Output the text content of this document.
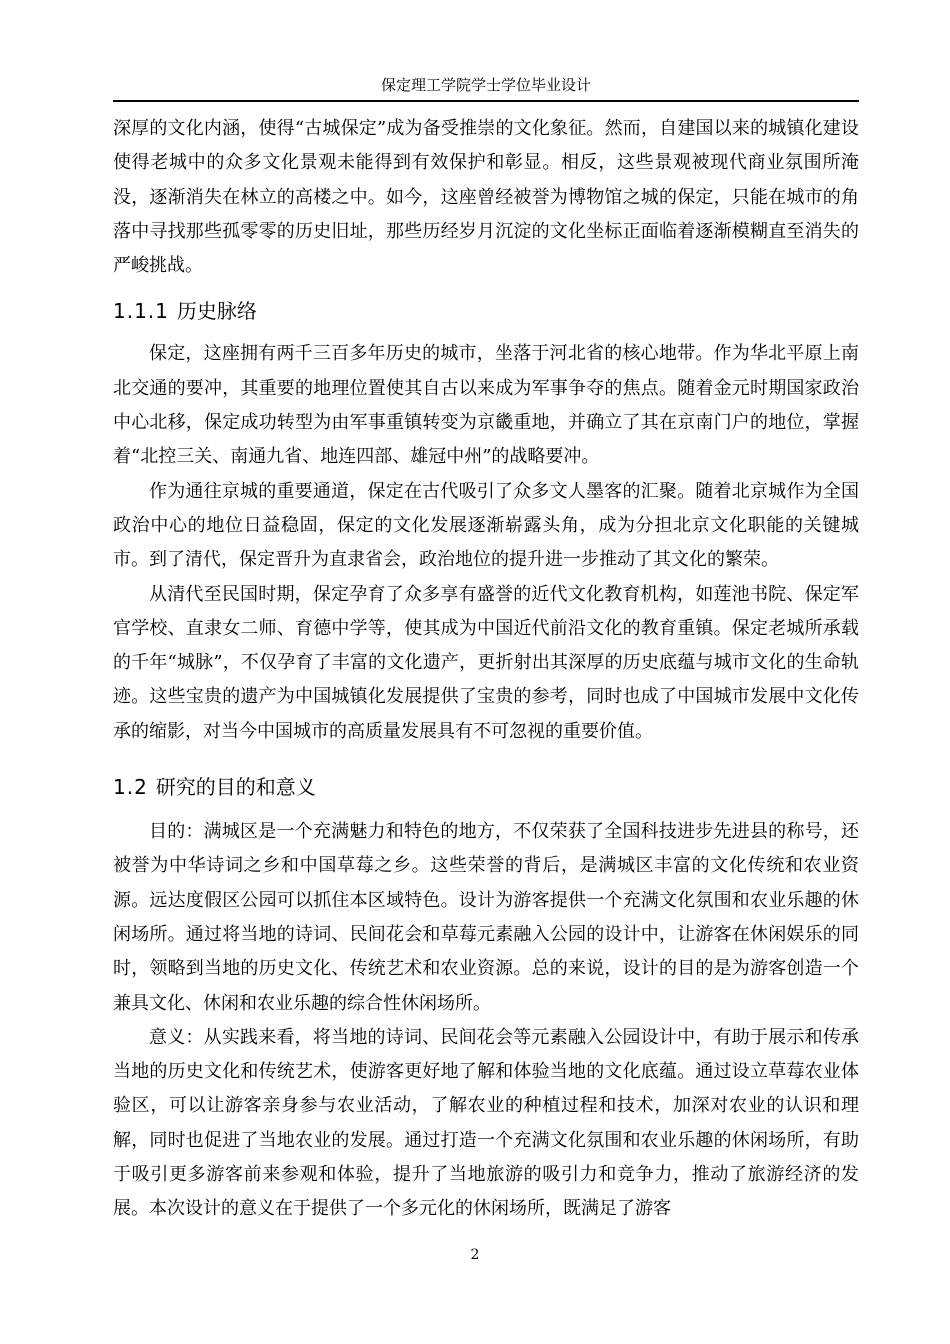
保定理工学院学士学位毕业设计

深厚的文化内涵，使得“古城保定”成为备受推崇的文化象征。然而，自建国以来的城镇化建设使得老城中的众多文化景观未能得到有效保护和彰显。相反，这些景观被现代商业氛围所淹没，逐渐消失在林立的高楼之中。如今，这座曾经被誉为博物馆之城的保定，只能在城市的角落中寻找那些孤零零的历史旧址，那些历经岁月沉淀的文化坐标正面临着逐渐模糊直至消失的严峻挑战。

1.1.1 历史脉络

保定，这座拥有两千三百多年历史的城市，坐落于河北省的核心地带。作为华北平原上南北交通的要冲，其重要的地理位置使其自古以来成为军事争夺的焦点。随着金元时期国家政治中心北移，保定成功转型为由军事重镇转变为京畿重地，并确立了其在京南门户的地位，掌握着“北控三关、南通九省、地连四部、雄冠中州”的战略要冲。

作为通往京城的重要通道，保定在古代吸引了众多文人墨客的汇聚。随着北京城作为全国政治中心的地位日益稳固，保定的文化发展逐渐崭露头角，成为分担北京文化职能的关键城市。到了清代，保定晋升为直隶省会，政治地位的提升进一步推动了其文化的繁荣。

从清代至民国时期，保定孕育了众多享有盛誉的近代文化教育机构，如莲池书院、保定军官学校、直隶女二师、育德中学等，使其成为中国近代前沿文化的教育重镇。保定老城所承载的千年“城脉”，不仅孕育了丰富的文化遗产，更折射出其深厚的历史底蕴与城市文化的生命轨迹。这些宝贵的遗产为中国城镇化发展提供了宝贵的参考，同时也成了中国城市发展中文化传承的缩影，对当今中国城市的高质量发展具有不可忽视的重要价值。

1.2 研究的目的和意义

目的：满城区是一个充满魅力和特色的地方，不仅荣获了全国科技进步先进县的称号，还被誉为中华诗词之乡和中国草莓之乡。这些荣誉的背后，是满城区丰富的文化传统和农业资源。远达度假区公园可以抓住本区域特色。设计为游客提供一个充满文化氛围和农业乐趣的休闲场所。通过将当地的诗词、民间花会和草莓元素融入公园的设计中，让游客在休闲娱乐的同时，领略到当地的历史文化、传统艺术和农业资源。总的来说，设计的目的是为游客创造一个兼具文化、休闲和农业乐趣的综合性休闲场所。

意义：从实践来看，将当地的诗词、民间花会等元素融入公园设计中，有助于展示和传承当地的历史文化和传统艺术，使游客更好地了解和体验当地的文化底蕴。通过设立草莓农业体验区，可以让游客亲身参与农业活动，了解农业的种植过程和技术，加深对农业的认识和理解，同时也促进了当地农业的发展。通过打造一个充满文化氛围和农业乐趣的休闲场所，有助于吸引更多游客前来参观和体验，提升了当地旅游的吸引力和竞争力，推动了旅游经济的发展。本次设计的意义在于提供了一个多元化的休闲场所，既满足了游客

2
